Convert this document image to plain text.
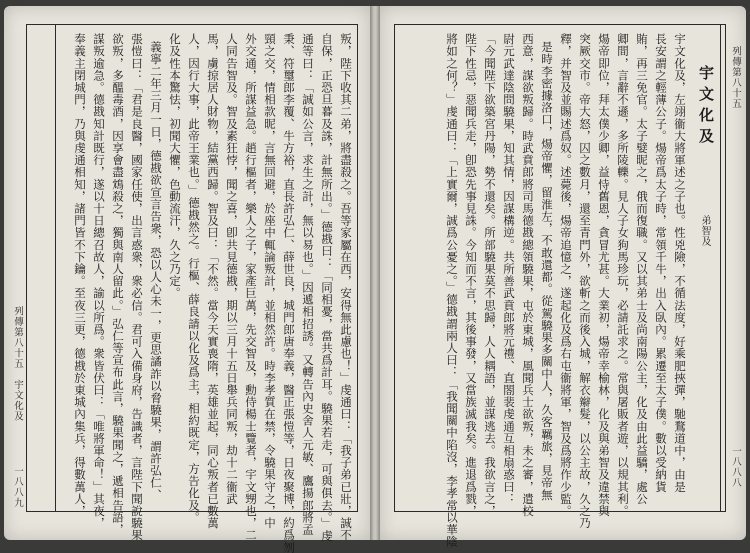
叛，陛下收其二弟，將盡殺之。吾等家屬在西，安得無此慮也！」虔通曰：「我子弟已壯，誠不
自保，正恐旦暮及誅，計無所出。」德戡曰：「同相憂，當共爲計耳。驍果若走，可與俱去。」虔
通等曰：「誠如公言，求生之計，無以易也。」因遞相招誘。又轉告內史舍人元敏、鷹揚郎將孟
秉、符璽郎李覆、牛方裕，直長許弘仁、薛世良，城門郎唐奉義，醫正張愷等，日夜聚博，約爲刎
頸之交，情相款昵，言無回避，於座中輒論叛計，並相然許。時李孝質在禁，令驍果守之，中
外交通，所謀益急。趙行樞者，樂人之子，家產巨萬，先交智及，勳侍楊士覽者，宇文甥也，二
人同告智及。智及素狂悖，聞之喜，卽共見德戡，期以三月十五日舉兵同叛，劫十二衞武
馬，虜掠居人財物，結黨西歸。智及曰：「不然。當今天實喪隋，英雄並起，同心叛者已數萬
人，因行大事，此帝王業也。」德戡然之。行樞、薛良請以化及爲主，相約既定，方告化及。
化及性本驚怯，初聞大懼，色動流汗，久之乃定。
義寧二年三月一日，德戡欲宣言告衆，恐以人心未一，更思譎詐以脅驍果，謂許弘仁、
張愷曰：「君是良醫，國家任使，出言惑衆，衆必信。君可入備身府，告識者，言陛下聞說驍果
欲叛，多醞毒酒，因享會盡鴆殺之，獨與南人留此。」弘仁等宣布此言，驍果聞之，遞相告語，
謀叛逾急。德戡知計既行，遂以十日總召故人，諭以所爲。衆皆伏曰：「唯將軍命！」其夜，
奉義主閉城門，乃與虔通相知，諸門皆不下鑰。至夜三更，德戡於東城內集兵，得數萬人，
列傳第八十五　宇文化及
一八八九
宇文化及
弟智及
宇文化及，左翊衞大將軍述之子也。性兇險，不循法度，好乘肥挾彈，馳鶩道中，由是
長安謂之輕薄公子。煬帝爲太子時，常領千牛，出入臥內。累遷至太子僕。數以受納貨
賄，再三免官。太子嬖昵之，俄而復職。又以其弟士及尚南陽公主，化及由此益驕，處公
卿間，言辭不遜，多所陵轢。見人子女狗馬珍玩，必請託求之。常與屠販者遊，以規其利。
煬帝即位，拜太僕少卿，益恃舊恩，貪冒尤甚。大業初，煬帝幸榆林，化及與弟智及違禁與
突厥交市。帝大怒，囚之數月，還至青門外，欲斬之而後入城，解衣辮髮，以公主故，久之乃
釋，并智及並賜述爲奴。述薨後，煬帝追憶之，遂起化及爲右屯衞將軍，智及爲將作少監。
是時李密據洛口，煬帝懼，留淮左，不敢還都。從駕驍果多關中人，久客羈旅，見帝無
西意，謀欲叛歸。時武賁郎將司馬德戡總領驍果，屯於東城，風聞兵士欲叛，未之審，遣校
尉元武達陰問驍果，知其情，因謀構逆。共所善武賁郎將元禮、直閤裴虔通互相扇惑曰：
「今聞陛下欲築宮丹陽，勢不還矣。所部驍果莫不思歸，人人耦語，並謀逃去。我欲言之，
陛下性忌，惡聞兵走，卽恐先事見誅。今知而不言，其後事發，又當族滅我矣。進退爲戮，
將如之何？」虔通曰：「上實爾，誠爲公憂之。」德戡謂兩人曰：「我聞關中陷沒，李孝常以華陰	列傳第八十五
一八八八
